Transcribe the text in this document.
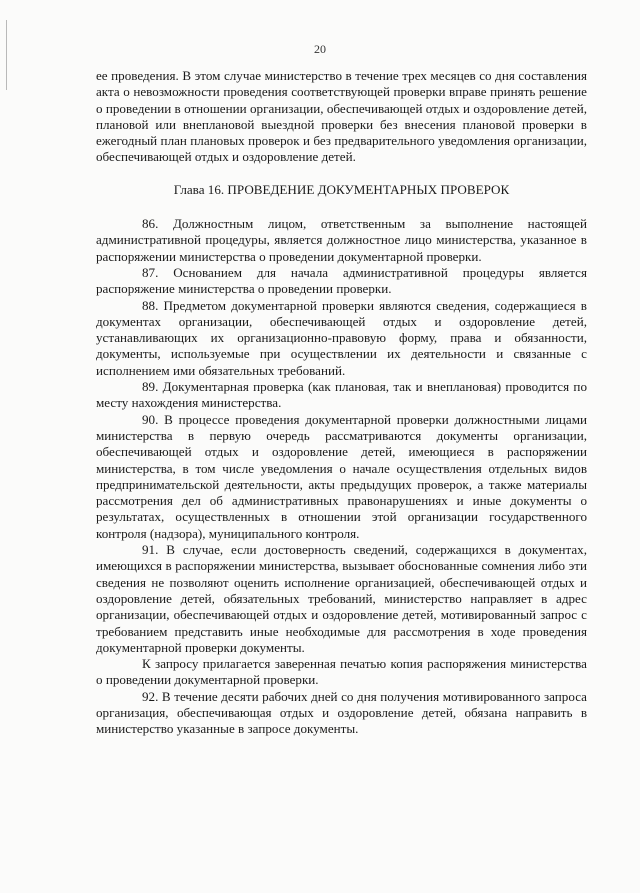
20

ее проведения. В этом случае министерство в течение трех месяцев со дня составления акта о невозможности проведения соответствующей проверки вправе принять решение о проведении в отношении организации, обеспечивающей отдых и оздоровление детей, плановой или внеплановой выездной проверки без внесения плановой проверки в ежегодный план плановых проверок и без предварительного уведомления организации, обеспечивающей отдых и оздоровление детей.

Глава 16. ПРОВЕДЕНИЕ ДОКУМЕНТАРНЫХ ПРОВЕРОК

86. Должностным лицом, ответственным за выполнение настоящей административной процедуры, является должностное лицо министерства, указанное в распоряжении министерства о проведении документарной проверки.

87. Основанием для начала административной процедуры является распоряжение министерства о проведении проверки.

88. Предметом документарной проверки являются сведения, содержащиеся в документах организации, обеспечивающей отдых и оздоровление детей, устанавливающих их организационно-правовую форму, права и обязанности, документы, используемые при осуществлении их деятельности и связанные с исполнением ими обязательных требований.

89. Документарная проверка (как плановая, так и внеплановая) проводится по месту нахождения министерства.

90. В процессе проведения документарной проверки должностными лицами министерства в первую очередь рассматриваются документы организации, обеспечивающей отдых и оздоровление детей, имеющиеся в распоряжении министерства, в том числе уведомления о начале осуществления отдельных видов предпринимательской деятельности, акты предыдущих проверок, а также материалы рассмотрения дел об административных правонарушениях и иные документы о результатах, осуществленных в отношении этой организации государственного контроля (надзора), муниципального контроля.

91. В случае, если достоверность сведений, содержащихся в документах, имеющихся в распоряжении министерства, вызывает обоснованные сомнения либо эти сведения не позволяют оценить исполнение организацией, обеспечивающей отдых и оздоровление детей, обязательных требований, министерство направляет в адрес организации, обеспечивающей отдых и оздоровление детей, мотивированный запрос с требованием представить иные необходимые для рассмотрения в ходе проведения документарной проверки документы.

К запросу прилагается заверенная печатью копия распоряжения министерства о проведении документарной проверки.

92. В течение десяти рабочих дней со дня получения мотивированного запроса организация, обеспечивающая отдых и оздоровление детей, обязана направить в министерство указанные в запросе документы.
